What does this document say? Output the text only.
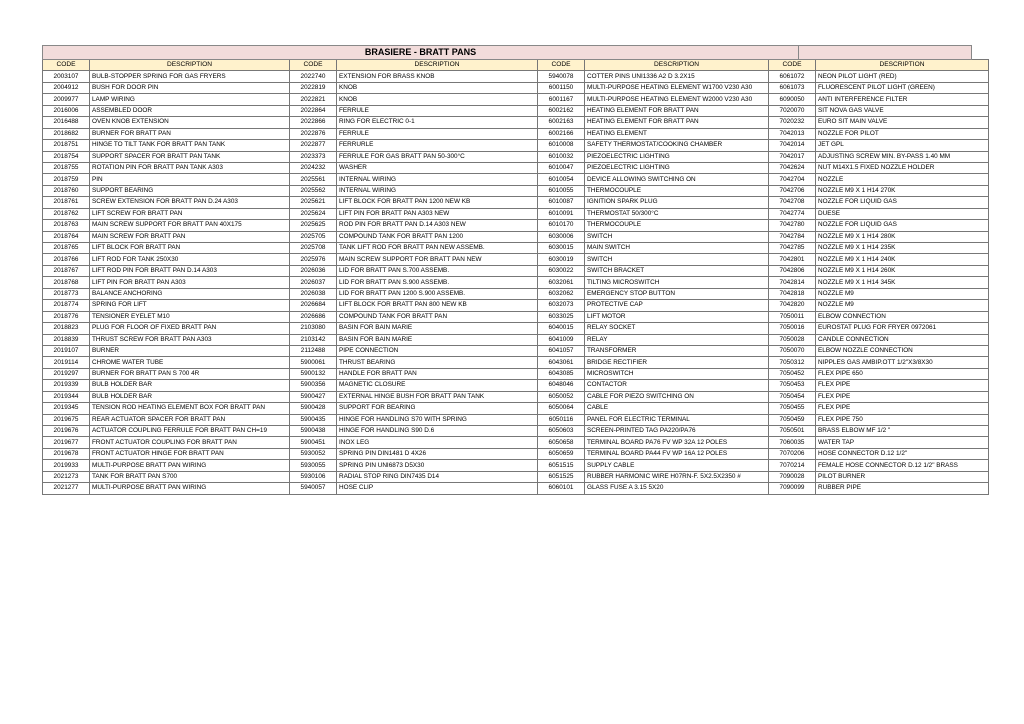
BRASIERE - BRATT PANS
CODE	DESCRIPTION	CODE	DESCRIPTION	CODE	DESCRIPTION	CODE	DESCRIPTION
2003107	BULB-STOPPER SPRING FOR GAS FRYERS	2022740	EXTENSION FOR BRASS KNOB	5940078	COTTER PINS UNI1336 A2 D 3.2X15	6061072	NEON PILOT LIGHT (RED)
2004912	BUSH FOR DOOR PIN	2022819	KNOB	6001150	MULTI-PURPOSE HEATING ELEMENT W1700 V230 A30	6061073	FLUORESCENT PILOT LIGHT (GREEN)
2009977	LAMP WIRING	2022821	KNOB	6001167	MULTI-PURPOSE HEATING ELEMENT W2000 V230 A30	6090050	ANTI INTERFERENCE FILTER
2016006	ASSEMBLED DOOR	2022864	FERRULE	6002162	HEATING ELEMENT FOR BRATT PAN	7020070	SIT NOVA GAS VALVE
2016488	OVEN KNOB EXTENSION	2022866	RING FOR ELECTRIC 0-1	6002163	HEATING ELEMENT FOR BRATT PAN	7020232	EURO SIT MAIN VALVE
2018682	BURNER FOR BRATT PAN	2022876	FERRULE	6002166	HEATING ELEMENT	7042013	NOZZLE FOR PILOT
2018751	HINGE TO TILT TANK FOR BRATT PAN TANK	2022877	FERRURLE	6010008	SAFETY THERMOSTAT/COOKING CHAMBER	7042014	JET GPL
2018754	SUPPORT SPACER FOR BRATT PAN TANK	2023373	FERRULE FOR GAS BRATT PAN 50-300°C	6010032	PIEZOELECTRIC LIGHTING	7042017	ADJUSTING SCREW MIN. BY-PASS 1.40 MM
2018755	ROTATION PIN FOR BRATT PAN TANK A303	2024232	WASHER	6010047	PIEZOELECTRIC LIGHTING	7042624	NUT M14X1.5 FIXED NOZZLE HOLDER
2018759	PIN	2025561	INTERNAL WIRING	6010054	DEVICE ALLOWING SWITCHING ON	7042704	NOZZLE
2018760	SUPPORT BEARING	2025562	INTERNAL WIRING	6010055	THERMOCOUPLE	7042706	NOZZLE M9 X 1 H14 270K
2018761	SCREW EXTENSION FOR BRATT PAN D.24 A303	2025621	LIFT BLOCK FOR BRATT PAN 1200 NEW KB	6010087	IGNITION SPARK PLUG	7042708	NOZZLE FOR LIQUID GAS
2018762	LIFT SCREW FOR BRATT PAN	2025624	LIFT PIN FOR BRATT PAN A303 NEW	6010091	THERMOSTAT 50/300°C	7042774	DUESE
2018763	MAIN SCREW SUPPORT FOR BRATT PAN 40X175	2025625	ROD PIN FOR BRATT PAN D.14 A303 NEW	6010170	THERMOCOUPLE	7042780	NOZZLE FOR LIQUID GAS
2018764	MAIN SCREW FOR BRATT PAN	2025705	COMPOUND TANK FOR BRATT PAN 1200	6030006	SWITCH	7042784	NOZZLE M9 X 1 H14 280K
2018765	LIFT BLOCK FOR BRATT PAN	2025708	TANK LIFT ROD FOR BRATT PAN NEW ASSEMB.	6030015	MAIN SWITCH	7042785	NOZZLE M9 X 1 H14 235K
2018766	LIFT ROD FOR TANK 250X30	2025976	MAIN SCREW SUPPORT FOR BRATT PAN NEW	6030019	SWITCH	7042801	NOZZLE M9 X 1 H14 240K
2018767	LIFT ROD PIN FOR BRATT PAN D.14 A303	2026036	LID FOR BRATT PAN S.700 ASSEMB.	6030022	SWITCH BRACKET	7042806	NOZZLE M9 X 1 H14 260K
2018768	LIFT PIN FOR BRATT PAN A303	2026037	LID FOR BRATT PAN S.900 ASSEMB.	6032061	TILTING MICROSWITCH	7042814	NOZZLE M9 X 1 H14 345K
2018773	BALANCE ANCHORING	2026038	LID FOR BRATT PAN 1200 S.900 ASSEMB.	6032062	EMERGENCY STOP BUTTON	7042818	NOZZLE M9
2018774	SPRING FOR LIFT	2026684	LIFT BLOCK FOR BRATT PAN 800 NEW KB	6032073	PROTECTIVE CAP	7042820	NOZZLE M9
2018776	TENSIONER EYELET M10	2026686	COMPOUND TANK FOR BRATT PAN	6033025	LIFT MOTOR	7050011	ELBOW CONNECTION
2018823	PLUG FOR FLOOR OF FIXED BRATT PAN	2103080	BASIN FOR BAIN MARIE	6040015	RELAY SOCKET	7050016	EUROSTAT PLUG FOR FRYER 0972061
2018839	THRUST SCREW FOR BRATT PAN A303	2103142	BASIN FOR BAIN MARIE	6041009	RELAY	7050028	CANDLE CONNECTION
2019107	BURNER	2112488	PIPE CONNECTION	6041057	TRANSFORMER	7050070	ELBOW NOZZLE CONNECTION
2019114	CHROME WATER TUBE	5900061	THRUST BEARING	6043061	BRIDGE RECTIFIER	7050312	NIPPLES GAS AMBIP.OTT 1/2"X3/8X30
2019297	BURNER FOR BRATT PAN S 700 4R	5900132	HANDLE FOR BRATT PAN	6043085	MICROSWITCH	7050452	FLEX PIPE 650
2019339	BULB HOLDER BAR	5900356	MAGNETIC CLOSURE	6048046	CONTACTOR	7050453	FLEX PIPE
2019344	BULB HOLDER BAR	5900427	EXTERNAL HINGE BUSH FOR BRATT PAN TANK	6050052	CABLE FOR PIEZO SWITCHING ON	7050454	FLEX PIPE
2019345	TENSION ROD HEATING ELEMENT BOX FOR BRATT PAN	5900428	SUPPORT FOR BEARING	6050064	CABLE	7050455	FLEX PIPE
2019675	REAR ACTUATOR SPACER FOR BRATT PAN	5900435	HINGE FOR HANDLING S70 WITH SPRING	6050116	PANEL FOR ELECTRIC TERMINAL	7050459	FLEX PIPE 750
2019676	ACTUATOR COUPLING FERRULE FOR BRATT PAN CH=19	5900438	HINGE FOR HANDLING S90 D.6	6050603	SCREEN-PRINTED TAG PA220/PA76	7050501	BRASS ELBOW MF 1/2 "
2019677	FRONT ACTUATOR COUPLING FOR BRATT PAN	5900451	INOX LEG	6050658	TERMINAL BOARD PA76 FV WP 32A 12 POLES	7060035	WATER TAP
2019678	FRONT ACTUATOR HINGE FOR BRATT PAN	5930052	SPRING PIN DIN1481 D 4X26	6050659	TERMINAL BOARD PA44 FV WP 16A 12 POLES	7070206	HOSE CONNECTOR D.12 1/2"
2019933	MULTI-PURPOSE BRATT PAN WIRING	5930055	SPRING PIN UNI6873 D5X30	6051515	SUPPLY CABLE	7070214	FEMALE HOSE CONNECTOR D.12 1/2" BRASS
2021273	TANK FOR BRATT PAN S700	5930106	RADIAL STOP RING DIN7435 D14	6051525	RUBBER HARMONIC WIRE H07RN-F. 5X2.5X2350 #	7090028	PILOT BURNER
2021277	MULTI-PURPOSE BRATT PAN WIRING	5940057	HOSE CLIP	6060101	GLASS FUSE A 3.15 5X20	7090099	RUBBER PIPE
